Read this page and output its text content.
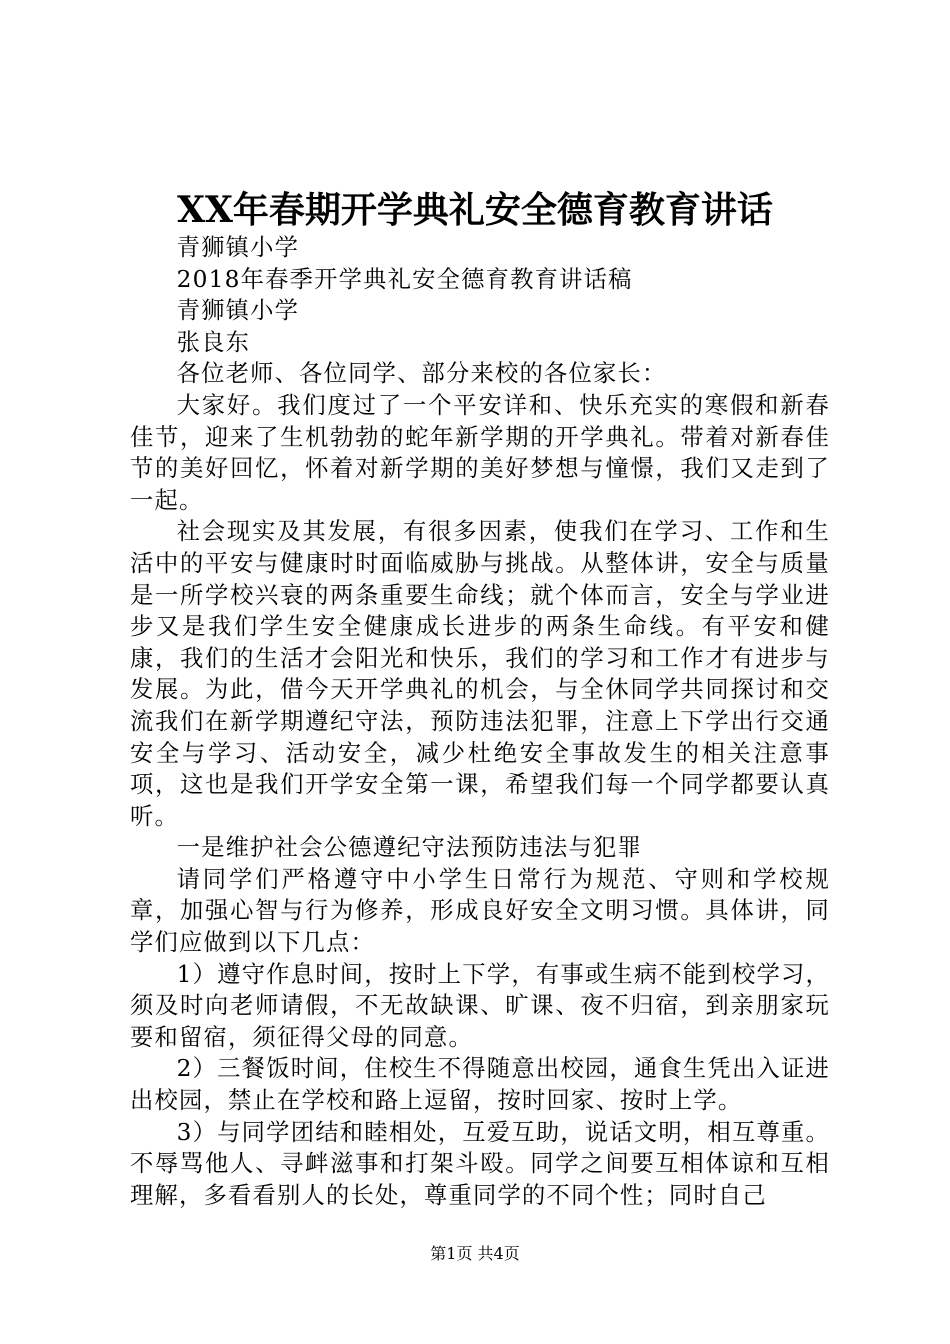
XX年春期开学典礼安全德育教育讲话

青狮镇小学

2018年春季开学典礼安全德育教育讲话稿

青狮镇小学

张良东

各位老师、各位同学、部分来校的各位家长：

大家好。我们度过了一个平安详和、快乐充实的寒假和新春佳节，迎来了生机勃勃的蛇年新学期的开学典礼。带着对新春佳节的美好回忆，怀着对新学期的美好梦想与憧憬，我们又走到了一起。

社会现实及其发展，有很多因素，使我们在学习、工作和生活中的平安与健康时时面临威胁与挑战。从整体讲，安全与质量是一所学校兴衰的两条重要生命线；就个体而言，安全与学业进步又是我们学生安全健康成长进步的两条生命线。有平安和健康，我们的生活才会阳光和快乐，我们的学习和工作才有进步与发展。为此，借今天开学典礼的机会，与全休同学共同探讨和交流我们在新学期遵纪守法，预防违法犯罪，注意上下学出行交通安全与学习、活动安全，减少杜绝安全事故发生的相关注意事项，这也是我们开学安全第一课，希望我们每一个同学都要认真听。

一是维护社会公德遵纪守法预防违法与犯罪

请同学们严格遵守中小学生日常行为规范、守则和学校规章，加强心智与行为修养，形成良好安全文明习惯。具体讲，同学们应做到以下几点：

1）遵守作息时间，按时上下学，有事或生病不能到校学习，须及时向老师请假，不无故缺课、旷课、夜不归宿，到亲朋家玩要和留宿，须征得父母的同意。

2）三餐饭时间，住校生不得随意出校园，通食生凭出入证进出校园，禁止在学校和路上逗留，按时回家、按时上学。

3）与同学团结和睦相处，互爱互助，说话文明，相互尊重。不辱骂他人、寻衅滋事和打架斗殴。同学之间要互相体谅和互相理解，多看看别人的长处，尊重同学的不同个性；同时自己

第1页 共4页
